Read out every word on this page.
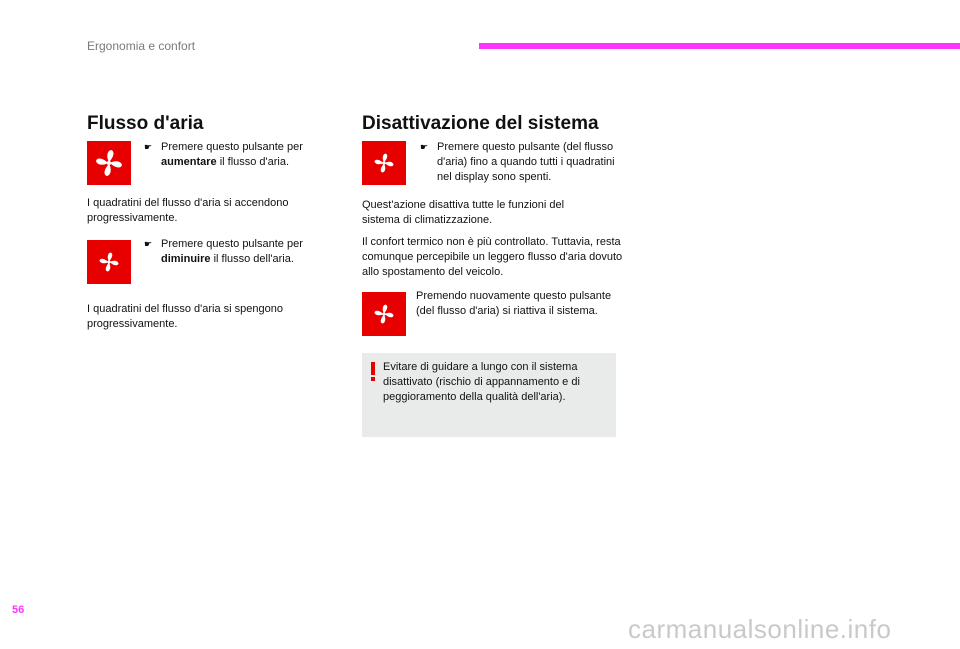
Ergonomia e confort
Flusso d'aria
☛ Premere questo pulsante per aumentare il flusso d'aria.
I quadratini del flusso d'aria si accendono progressivamente.
☛ Premere questo pulsante per diminuire il flusso dell'aria.
I quadratini del flusso d'aria si spengono progressivamente.
Disattivazione del sistema
☛ Premere questo pulsante (del flusso d'aria) fino a quando tutti i quadratini nel display sono spenti.
Quest'azione disattiva tutte le funzioni del sistema di climatizzazione.
Il confort termico non è più controllato. Tuttavia, resta comunque percepibile un leggero flusso d'aria dovuto allo spostamento del veicolo.
Premendo nuovamente questo pulsante (del flusso d'aria) si riattiva il sistema.
Evitare di guidare a lungo con il sistema disattivato (rischio di appannamento e di peggioramento della qualità dell'aria).
56
carmanualsonline.info
